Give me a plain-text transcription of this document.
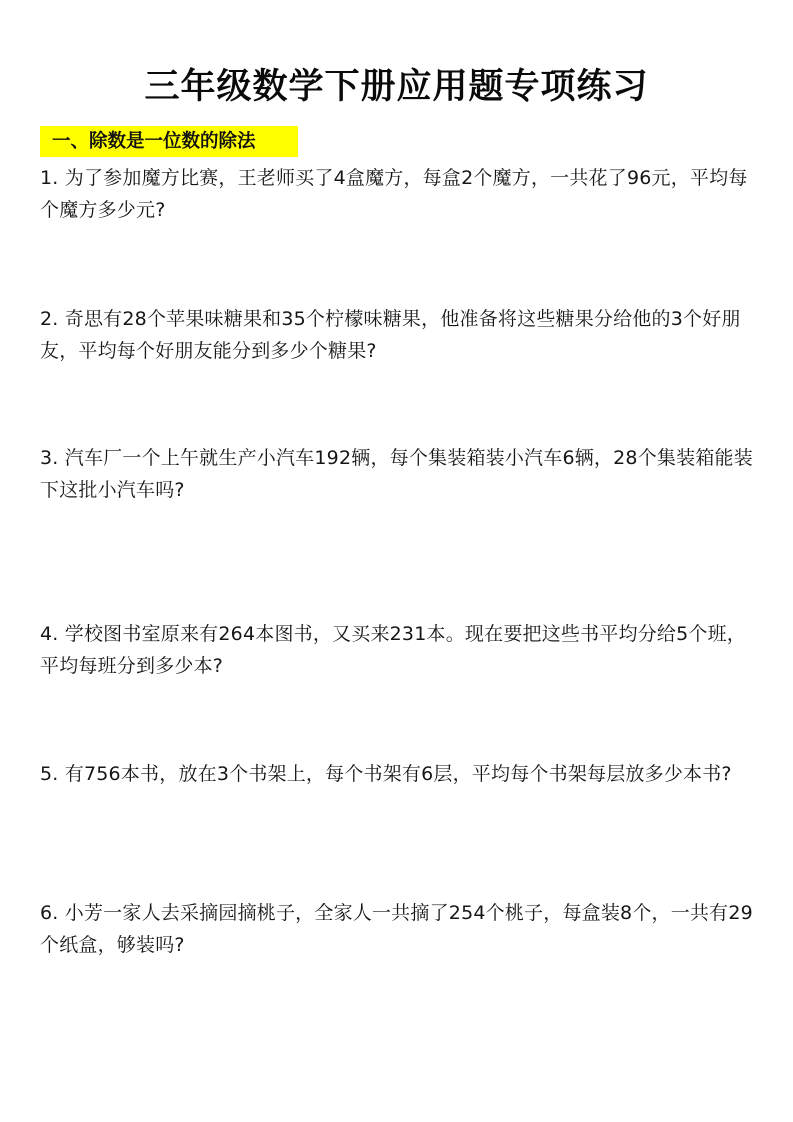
三年级数学下册应用题专项练习
一、除数是一位数的除法
1. 为了参加魔方比赛，王老师买了4盒魔方，每盒2个魔方，一共花了96元，平均每个魔方多少元?
2. 奇思有28个苹果味糖果和35个柠檬味糖果，他准备将这些糖果分给他的3个好朋友，平均每个好朋友能分到多少个糖果?
3. 汽车厂一个上午就生产小汽车192辆，每个集装箱装小汽车6辆，28个集装箱能装下这批小汽车吗?
4. 学校图书室原来有264本图书，又买来231本。现在要把这些书平均分给5个班，平均每班分到多少本?
5. 有756本书，放在3个书架上，每个书架有6层，平均每个书架每层放多少本书?
6. 小芳一家人去采摘园摘桃子，全家人一共摘了254个桃子，每盒装8个，一共有29个纸盒，够装吗?
